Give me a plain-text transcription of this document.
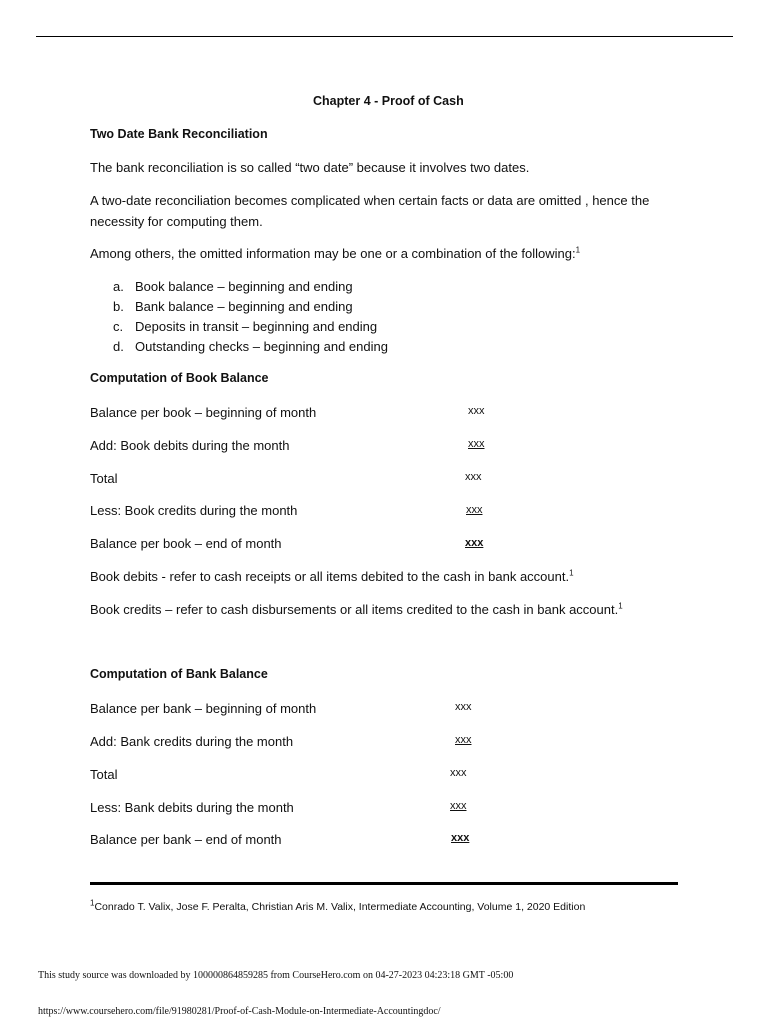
Chapter 4 - Proof of Cash
Two Date Bank Reconciliation
The bank reconciliation is so called “two date” because it involves two dates.
A two-date reconciliation becomes complicated when certain facts or data are omitted , hence the necessity for computing them.
Among others, the omitted information may be one or a combination of the following:$^1$
a. Book balance – beginning and ending
b. Bank balance – beginning and ending
c. Deposits in transit – beginning and ending
d. Outstanding checks – beginning and ending
Computation of Book Balance
Balance per book – beginning of month	xxx
Add: Book debits during the month	xxx
Total	xxx
Less: Book credits during the month	xxx
Balance per book – end of month	xxx
Book debits - refer to cash receipts or all items debited to the cash in bank account.$^1$
Book credits – refer to cash disbursements or all items credited to the cash in bank account.$^1$
Computation of Bank Balance
Balance per bank – beginning of month	xxx
Add: Bank credits during the month	xxx
Total	xxx
Less: Bank debits during the month	xxx
Balance per bank – end of month	xxx
$^1$Conrado T. Valix, Jose F. Peralta, Christian Aris M. Valix, Intermediate Accounting, Volume 1, 2020 Edition
This study source was downloaded by 100000864859285 from CourseHero.com on 04-27-2023 04:23:18 GMT -05:00
https://www.coursehero.com/file/91980281/Proof-of-Cash-Module-on-Intermediate-Accountingdoc/
